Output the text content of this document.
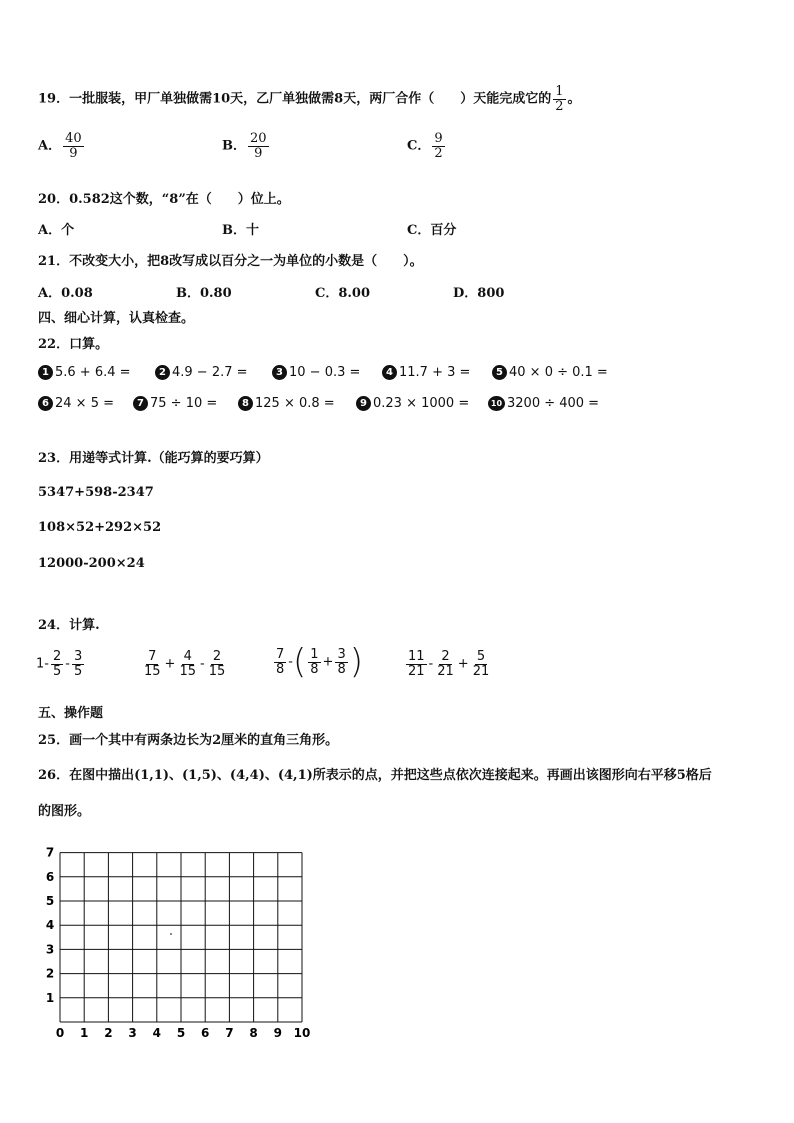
19．一批服装，甲厂单独做需10天，乙厂单独做需8天，两厂合作（　　）天能完成它的 $\frac{1}{2}$ 。
A． $\frac{40}{9}$	B． $\frac{20}{9}$	C． $\frac{9}{2}$
20．0.582这个数，“8”在（　　）位上。
A．个	B．十	C．百分
21．不改变大小，把8改写成以百分之一为单位的小数是（　　）。
A．0.08	B．0.80	C．8.00	D．800
四、细心计算，认真检查。
22．口算。
1 5.6 + 6.4 =	2 4.9 − 2.7 =	3 10 − 0.3 =	4 11.7 + 3 =	5 40 × 0 ÷ 0.1 =
6 24 × 5 =	7 75 ÷ 10 =	8 125 × 0.8 =	9 0.23 × 1000 =	10 3200 ÷ 400 =
23．用递等式计算.（能巧算的要巧算）
5347+598-2347
108×52+292×52
12000-200×24
24．计算.
$1- \frac{2}{5} - \frac{3}{5}$	$\frac{7}{15} + \frac{4}{15} - \frac{2}{15}$	$\frac{7}{8}$ -( $\frac{1}{8} + \frac{3}{8}$ )	$\frac{11}{21} - \frac{2}{21} + \frac{5}{21}$
五、操作题
25．画一个其中有两条边长为2厘米的直角三角形。
26．在图中描出(1,1)、(1,5)、(4,4)、(4,1)所表示的点，并把这些点依次连接起来。再画出该图形向右平移5格后
的图形。
0 1 2 3 4 5 6 7 8 9 10
1
2
3
4
5
6
7
